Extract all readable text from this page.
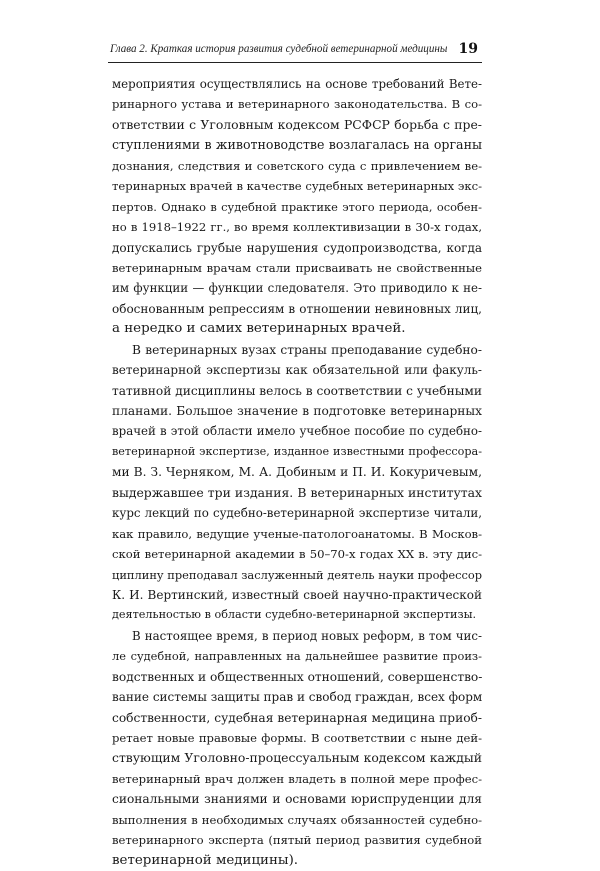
Глава 2. Краткая история развития судебной ветеринарной медицины 19
мероприятия осуществлялись на основе требований Вете-
ринарного устава и ветеринарного законодательства. В со-
ответствии с Уголовным кодексом РСФСР борьба с пре-
ступлениями в животноводстве возлагалась на органы
дознания, следствия и советского суда с привлечением ве-
теринарных врачей в качестве судебных ветеринарных экс-
пертов. Однако в судебной практике этого периода, особен-
но в 1918–1922 гг., во время коллективизации в 30-х годах,
допускались грубые нарушения судопроизводства, когда
ветеринарным врачам стали присваивать не свойственные
им функции — функции следователя. Это приводило к не-
обоснованным репрессиям в отношении невиновных лиц,
а нередко и самих ветеринарных врачей.
В ветеринарных вузах страны преподавание судебно-
ветеринарной экспертизы как обязательной или факуль-
тативной дисциплины велось в соответствии с учебными
планами. Большое значение в подготовке ветеринарных
врачей в этой области имело учебное пособие по судебно-
ветеринарной экспертизе, изданное известными профессора-
ми В. З. Черняком, М. А. Добиным и П. И. Кокуричевым,
выдержавшее три издания. В ветеринарных институтах
курс лекций по судебно-ветеринарной экспертизе читали,
как правило, ведущие ученые-патологоанатомы. В Москов-
ской ветеринарной академии в 50–70-х годах XX в. эту дис-
циплину преподавал заслуженный деятель науки профессор
К. И. Вертинский, известный своей научно-практической
деятельностью в области судебно-ветеринарной экспертизы.
В настоящее время, в период новых реформ, в том чис-
ле судебной, направленных на дальнейшее развитие произ-
водственных и общественных отношений, совершенство-
вание системы защиты прав и свобод граждан, всех форм
собственности, судебная ветеринарная медицина приоб-
ретает новые правовые формы. В соответствии с ныне дей-
ствующим Уголовно-процессуальным кодексом каждый
ветеринарный врач должен владеть в полной мере профес-
сиональными знаниями и основами юриспруденции для
выполнения в необходимых случаях обязанностей судебно-
ветеринарного эксперта (пятый период развития судебной
ветеринарной медицины).
